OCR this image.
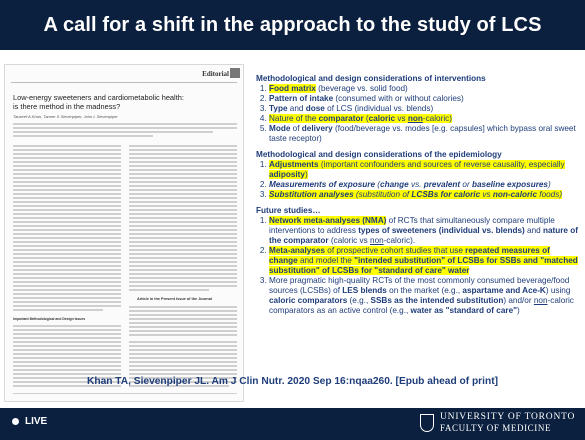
A call for a shift in the approach to the study of LCS
Editorial
Low-energy sweeteners and cardiometabolic health: is there method in the madness?
Tauseef A Khan, Tanner S Sievenpiper, John L Sievenpiper
Important Methodological and Design Issues
Article in the Present Issue of the Journal

Methodological and design considerations of interventions

1. Food matrix (beverage vs. solid food)
2. Pattern of intake (consumed with or without calories)
3. Type and dose of LCS (individual vs. blends)
4. Nature of the comparator (caloric vs non-caloric)
5. Mode of delivery (food/beverage vs. modes [e.g. capsules] which bypass oral sweet taste receptor)

Methodological and design considerations of the epidemiology

1. Adjustments (important confounders and sources of reverse causality, especially adiposity)
2. Measurements of exposure (change vs. prevalent or baseline exposures)
3. Substitution analyses (substitution of LCSBs for caloric vs non-caloric foods)

Future studies…

1. Network meta-analyses (NMA) of RCTs that simultaneously compare multiple interventions to address types of sweeteners (individual vs. blends) and nature of the comparator (caloric vs non-caloric).
2. Meta-analyses of prospective cohort studies that use repeated measures of change and model the "intended substitution" of LCSBs for SSBs and "matched substitution" of LCSBs for "standard of care" water
3. More pragmatic high-quality RCTs of the most commonly consumed beverage/food sources (LCSBs) of LES blends on the market (e.g., aspartame and Ace-K) using caloric comparators (e.g., SSBs as the intended substitution) and/or non-caloric comparators as an active control (e.g., water as "standard of care")
Khan TA, Sievenpiper JL. Am J Clin Nutr. 2020 Sep 16:nqaa260. [Epub ahead of print]
LIVE	UNIVERSITY OF TORONTO
FACULTY OF MEDICINE
